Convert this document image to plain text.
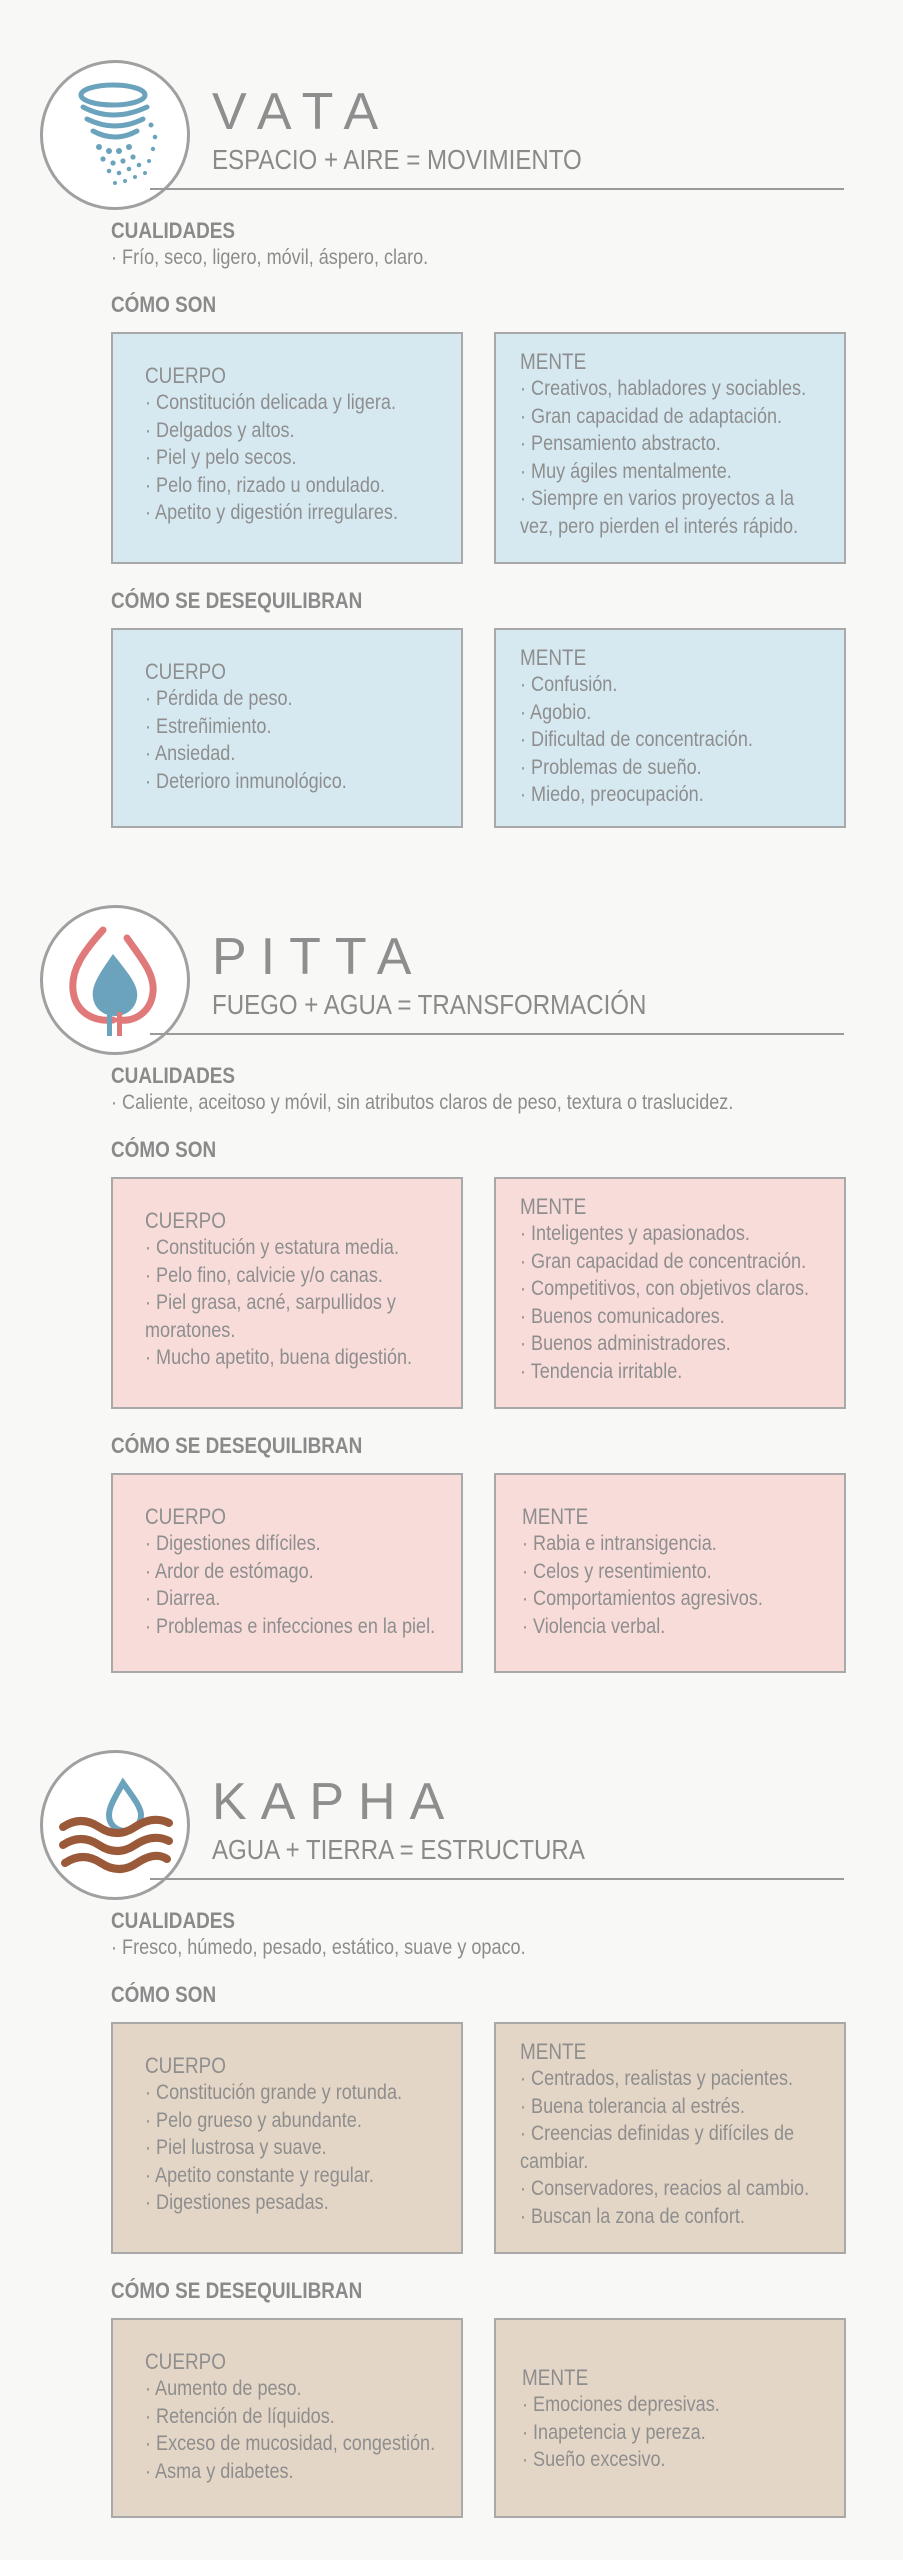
VATA
ESPACIO + AIRE = MOVIMIENTO
CUALIDADES
· Frío, seco, ligero, móvil, áspero, claro.
CÓMO SON
CUERPO
· Constitución delicada y ligera.
· Delgados y altos.
· Piel y pelo secos.
· Pelo fino, rizado u ondulado.
· Apetito y digestión irregulares.
MENTE
· Creativos, habladores y sociables.
· Gran capacidad de adaptación.
· Pensamiento abstracto.
· Muy ágiles mentalmente.
· Siempre en varios proyectos a la
vez, pero pierden el interés rápido.
CÓMO SE DESEQUILIBRAN
CUERPO
· Pérdida de peso.
· Estreñimiento.
· Ansiedad.
· Deterioro inmunológico.
MENTE
· Confusión.
· Agobio.
· Dificultad de concentración.
· Problemas de sueño.
· Miedo, preocupación.
PITTA
FUEGO + AGUA = TRANSFORMACIÓN
CUALIDADES
· Caliente, aceitoso y móvil, sin atributos claros de peso, textura o traslucidez.
CÓMO SON
CUERPO
· Constitución y estatura media.
· Pelo fino, calvicie y/o canas.
· Piel grasa, acné, sarpullidos y
moratones.
· Mucho apetito, buena digestión.
MENTE
· Inteligentes y apasionados.
· Gran capacidad de concentración.
· Competitivos, con objetivos claros.
· Buenos comunicadores.
· Buenos administradores.
· Tendencia irritable.
CÓMO SE DESEQUILIBRAN
CUERPO
· Digestiones difíciles.
· Ardor de estómago.
· Diarrea.
· Problemas e infecciones en la piel.
MENTE
· Rabia e intransigencia.
· Celos y resentimiento.
· Comportamientos agresivos.
· Violencia verbal.
KAPHA
AGUA + TIERRA = ESTRUCTURA
CUALIDADES
· Fresco, húmedo, pesado, estático, suave y opaco.
CÓMO SON
CUERPO
· Constitución grande y rotunda.
· Pelo grueso y abundante.
· Piel lustrosa y suave.
· Apetito constante y regular.
· Digestiones pesadas.
MENTE
· Centrados, realistas y pacientes.
· Buena tolerancia al estrés.
· Creencias definidas y difíciles de
cambiar.
· Conservadores, reacios al cambio.
· Buscan la zona de confort.
CÓMO SE DESEQUILIBRAN
CUERPO
· Aumento de peso.
· Retención de líquidos.
· Exceso de mucosidad, congestión.
· Asma y diabetes.
MENTE
· Emociones depresivas.
· Inapetencia y pereza.
· Sueño excesivo.
